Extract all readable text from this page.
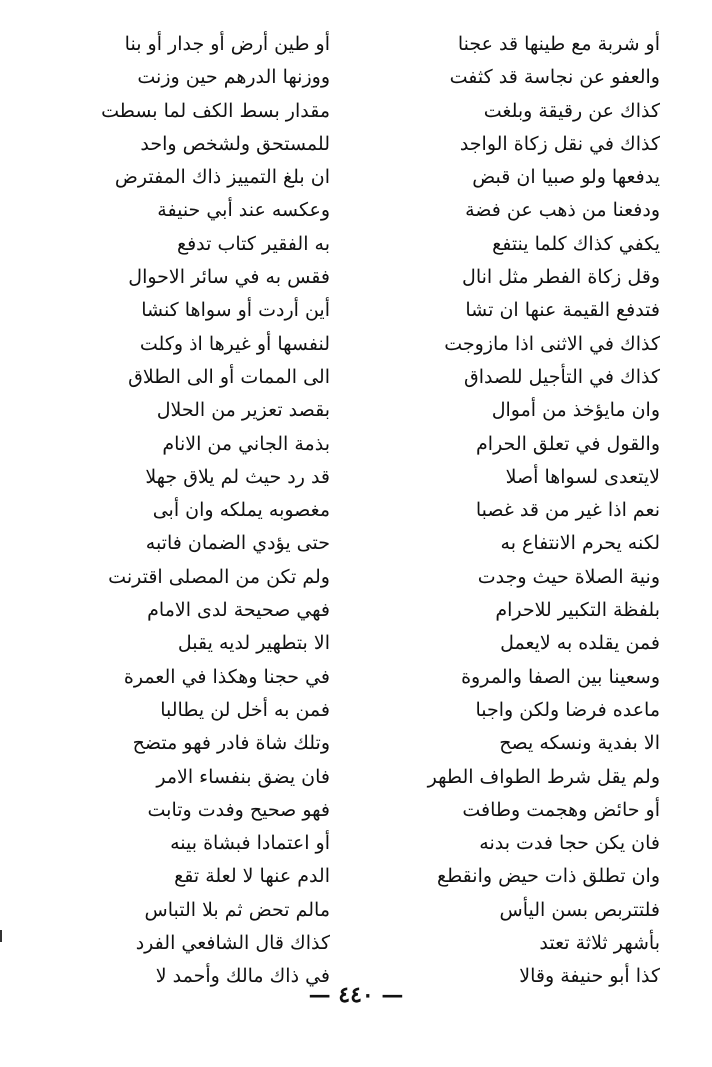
أو شربة مع طينها قد عجنا
والعفو عن نجاسة قد كثفت
كذاك عن رقيقة وبلغت
كذاك في نقل زكاة الواجد
يدفعها ولو صبيا ان قبض
ودفعنا من ذهب عن فضة
يكفي كذاك كلما ينتفع
وقل زكاة الفطر مثل انال
فتدفع القيمة عنها ان تشا
كذاك في الاثنى اذا مازوجت
كذاك في التأجيل للصداق
وان مايؤخذ من أموال
والقول في تعلق الحرام
لايتعدى لسواها أصلا
نعم اذا غير من قد غصبا
لكنه يحرم الانتفاع به
ونية الصلاة حيث وجدت
بلفظة التكبير للاحرام
فمن يقلده به لايعمل
وسعينا بين الصفا والمروة
ماعده فرضا ولكن واجبا
الا بفدية ونسكه يصح
ولم يقل شرط الطواف الطهر
أو حائض وهجمت وطافت
فان يكن حجا فدت بدنه
وان تطلق ذات حيض وانقطع
فلتتربص بسن اليأس
بأشهر ثلاثة تعتد
كذا أبو حنيفة وقالا
أو طين أرض أو جدار أو بنا
ووزنها الدرهم حين وزنت
مقدار بسط الكف لما بسطت
للمستحق ولشخص واحد
ان بلغ التمييز ذاك المفترض
وعكسه عند أبي حنيفة
به الفقير كتاب تدفع
فقس به في سائر الاحوال
أين أردت أو سواها كنشا
لنفسها أو غيرها اذ وكلت
الى الممات أو الى الطلاق
بقصد تعزير من الحلال
بذمة الجاني من الانام
قد رد حيث لم يلاق جهلا
مغصوبه يملكه وان أبى
حتى يؤدي الضمان فاتبه
ولم تكن من المصلى اقترنت
فهي صحيحة لدى الامام
الا بتطهير لديه يقبل
في حجنا وهكذا في العمرة
فمن به أخل لن يطالبا
وتلك شاة فادر فهو متضح
فان يضق بنفساء الامر
فهو صحيح وفدت وتابت
أو اعتمادا فبشاة بينه
الدم عنها لا لعلة تقع
مالم تحض ثم بلا التباس
كذاك قال الشافعي الفرد
في ذاك مالك وأحمد لا
— ٤٤٠ —
